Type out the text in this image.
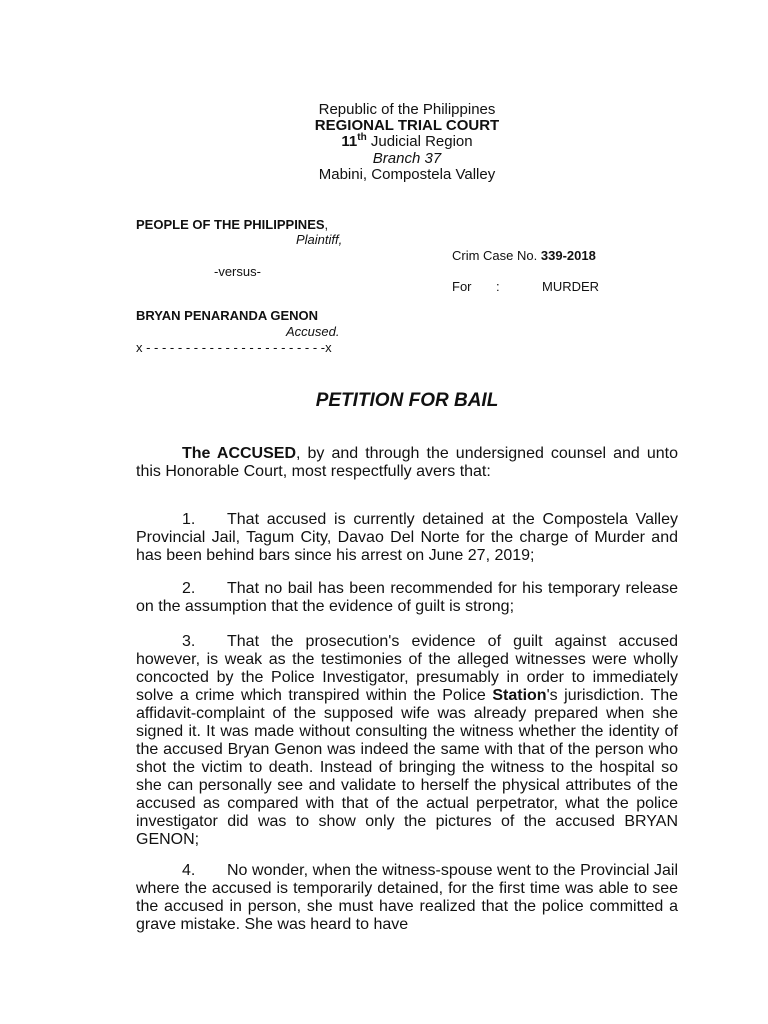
Republic of the Philippines
REGIONAL TRIAL COURT
11th Judicial Region
Branch 37
Mabini, Compostela Valley
PEOPLE OF THE PHILIPPINES,
Plaintiff,
Crim Case No. 339-2018
-versus-
For :	MURDER
BRYAN PENARANDA GENON
Accused.
x - - - - - - - - - - - - - - - - - - - - - - -x
PETITION FOR BAIL
The ACCUSED, by and through the undersigned counsel and unto this Honorable Court, most respectfully avers that:
1. That accused is currently detained at the Compostela Valley Provincial Jail, Tagum City, Davao Del Norte for the charge of Murder and has been behind bars since his arrest on June 27, 2019;
2. That no bail has been recommended for his temporary release on the assumption that the evidence of guilt is strong;
3. That the prosecution's evidence of guilt against accused however, is weak as the testimonies of the alleged witnesses were wholly concocted by the Police Investigator, presumably in order to immediately solve a crime which transpired within the Police Station's jurisdiction. The affidavit-complaint of the supposed wife was already prepared when she signed it. It was made without consulting the witness whether the identity of the accused Bryan Genon was indeed the same with that of the person who shot the victim to death. Instead of bringing the witness to the hospital so she can personally see and validate to herself the physical attributes of the accused as compared with that of the actual perpetrator, what the police investigator did was to show only the pictures of the accused BRYAN GENON;
4. No wonder, when the witness-spouse went to the Provincial Jail where the accused is temporarily detained, for the first time was able to see the accused in person, she must have realized that the police committed a grave mistake. She was heard to have
